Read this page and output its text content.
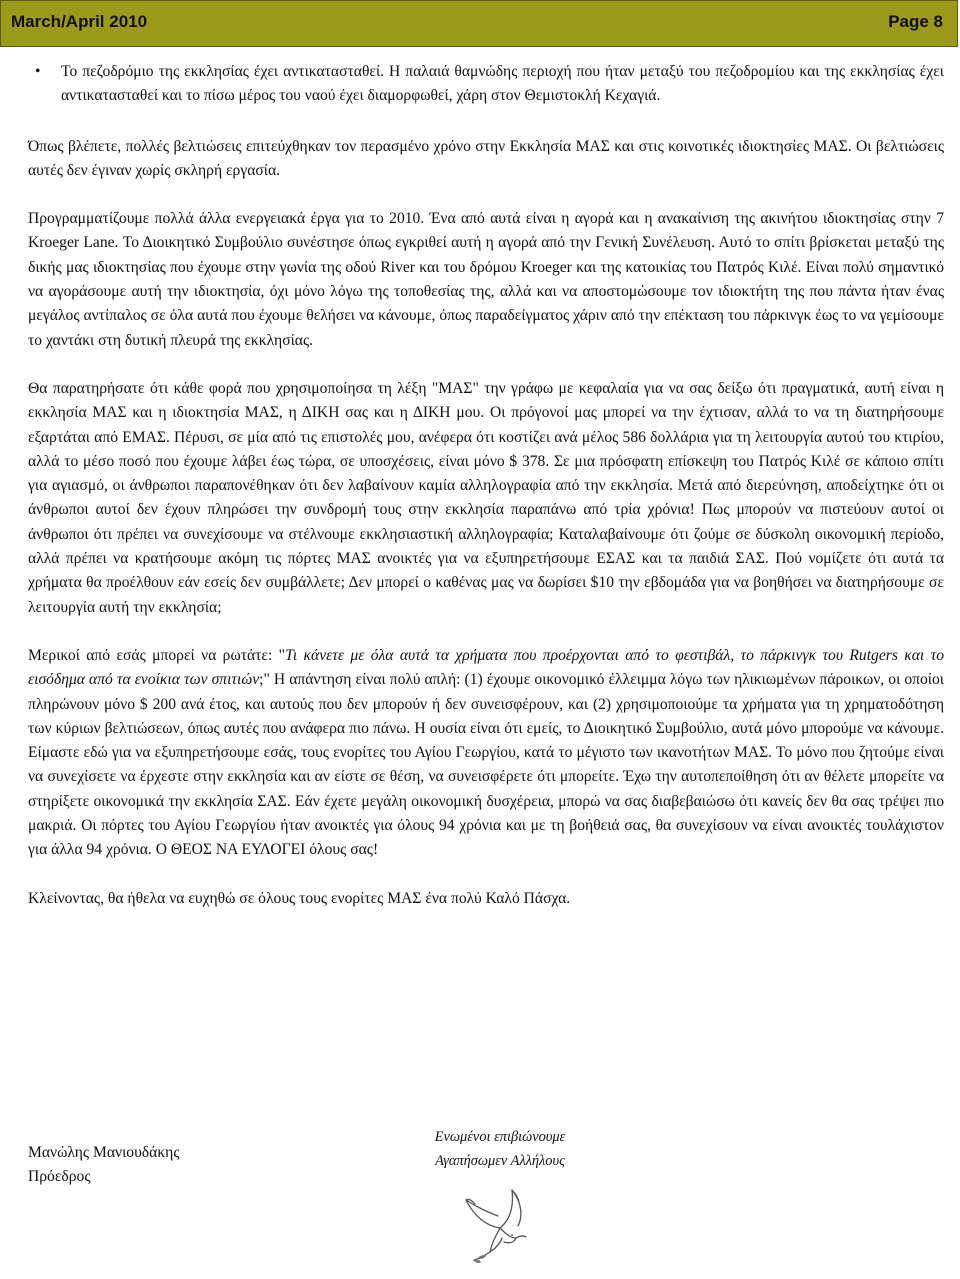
March/April 2010	Page 8
• Το πεζοδρόμιο της εκκλησίας έχει αντικατασταθεί. Η παλαιά θαμνώδης περιοχή που ήταν μεταξύ του πεζοδρομίου και της εκκλησίας έχει αντικατασταθεί και το πίσω μέρος του ναού έχει διαμορφωθεί, χάρη στον Θεμιστοκλή Κεχαγιά.

Όπως βλέπετε, πολλές βελτιώσεις επιτεύχθηκαν τον περασμένο χρόνο στην Εκκλησία ΜΑΣ και στις κοινοτικές ιδιοκτησίες ΜΑΣ. Οι βελτιώσεις αυτές δεν έγιναν χωρίς σκληρή εργασία.

Προγραμματίζουμε πολλά άλλα ενεργειακά έργα για το 2010. Ένα από αυτά είναι η αγορά και η ανακαίνιση της ακινήτου ιδιοκτησίας στην 7 Kroeger Lane. Το Διοικητικό Συμβούλιο συνέστησε όπως εγκριθεί αυτή η αγορά από την Γενική Συνέλευση. Αυτό το σπίτι βρίσκεται μεταξύ της δικής μας ιδιοκτησίας που έχουμε στην γωνία της οδού River και του δρόμου Kroeger και της κατοικίας του Πατρός Κιλέ. Είναι πολύ σημαντικό να αγοράσουμε αυτή την ιδιοκτησία, όχι μόνο λόγω της τοποθεσίας της, αλλά και να αποστομώσουμε τον ιδιοκτήτη της που πάντα ήταν ένας μεγάλος αντίπαλος σε όλα αυτά που έχουμε θελήσει να κάνουμε, όπως παραδείγματος χάριν από την επέκταση του πάρκινγκ έως το να γεμίσουμε το χαντάκι στη δυτική πλευρά της εκκλησίας.

Θα παρατηρήσατε ότι κάθε φορά που χρησιμοποίησα τη λέξη "ΜΑΣ" την γράφω με κεφαλαία για να σας δείξω ότι πραγματικά, αυτή είναι η εκκλησία ΜΑΣ και η ιδιοκτησία ΜΑΣ, η ΔΙΚΗ σας και η ΔΙΚΗ μου. Οι πρόγονοί μας μπορεί να την έχτισαν, αλλά το να τη διατηρήσουμε εξαρτάται από ΕΜΑΣ. Πέρυσι, σε μία από τις επιστολές μου, ανέφερα ότι κοστίζει ανά μέλος 586 δολλάρια για τη λειτουργία αυτού του κτιρίου, αλλά το μέσο ποσό που έχουμε λάβει έως τώρα, σε υποσχέσεις, είναι μόνο $ 378. Σε μια πρόσφατη επίσκεψη του Πατρός Κιλέ σε κάποιο σπίτι για αγιασμό, οι άνθρωποι παραπονέθηκαν ότι δεν λαβαίνουν καμία αλληλογραφία από την εκκλησία. Μετά από διερεύνηση, αποδείχτηκε ότι οι άνθρωποι αυτοί δεν έχουν πληρώσει την συνδρομή τους στην εκκλησία παραπάνω από τρία χρόνια! Πως μπορούν να πιστεύουν αυτοί οι άνθρωποι ότι πρέπει να συνεχίσουμε να στέλνουμε εκκλησιαστική αλληλογραφία; Καταλαβαίνουμε ότι ζούμε σε δύσκολη οικονομική περίοδο, αλλά πρέπει να κρατήσουμε ακόμη τις πόρτες ΜΑΣ ανοικτές για να εξυπηρετήσουμε ΕΣΑΣ και τα παιδιά ΣΑΣ. Πού νομίζετε ότι αυτά τα χρήματα θα προέλθουν εάν εσείς δεν συμβάλλετε; Δεν μπορεί ο καθένας μας να δωρίσει $10 την εβδομάδα για να βοηθήσει να διατηρήσουμε σε λειτουργία αυτή την εκκλησία;

Μερικοί από εσάς μπορεί να ρωτάτε: "Τι κάνετε με όλα αυτά τα χρήματα που προέρχονται από το φεστιβάλ, το πάρκινγκ του Rutgers και το εισόδημα από τα ενοίκια των σπιτιών;" Η απάντηση είναι πολύ απλή: (1) έχουμε οικονομικό έλλειμμα λόγω των ηλικιωμένων πάροικων, οι οποίοι πληρώνουν μόνο $ 200 ανά έτος, και αυτούς που δεν μπορούν ή δεν συνεισφέρουν, και (2) χρησιμοποιούμε τα χρήματα για τη χρηματοδότηση των κύριων βελτιώσεων, όπως αυτές που ανάφερα πιο πάνω. Η ουσία είναι ότι εμείς, το Διοικητικό Συμβούλιο, αυτά μόνο μπορούμε να κάνουμε. Είμαστε εδώ για να εξυπηρετήσουμε εσάς, τους ενορίτες του Αγίου Γεωργίου, κατά το μέγιστο των ικανοτήτων ΜΑΣ. Το μόνο που ζητούμε είναι να συνεχίσετε να έρχεστε στην εκκλησία και αν είστε σε θέση, να συνεισφέρετε ότι μπορείτε. Έχω την αυτοπεποίθηση ότι αν θέλετε μπορείτε να στηρίξετε οικονομικά την εκκλησία ΣΑΣ. Εάν έχετε μεγάλη οικονομική δυσχέρεια, μπορώ να σας διαβεβαιώσω ότι κανείς δεν θα σας τρέψει πιο μακριά. Οι πόρτες του Αγίου Γεωργίου ήταν ανοικτές για όλους 94 χρόνια και με τη βοήθειά σας, θα συνεχίσουν να είναι ανοικτές τουλάχιστον για άλλα 94 χρόνια. Ο ΘΕΟΣ ΝΑ ΕΥΛΟΓΕΙ όλους σας!

Κλείνοντας, θα ήθελα να ευχηθώ σε όλους τους ενορίτες ΜΑΣ ένα πολύ Καλό Πάσχα.

Μανώλης Μανιουδάκης
Πρόεδρος
Ενωμένοι επιβιώνουμε
Αγαπήσωμεν Αλλήλους
